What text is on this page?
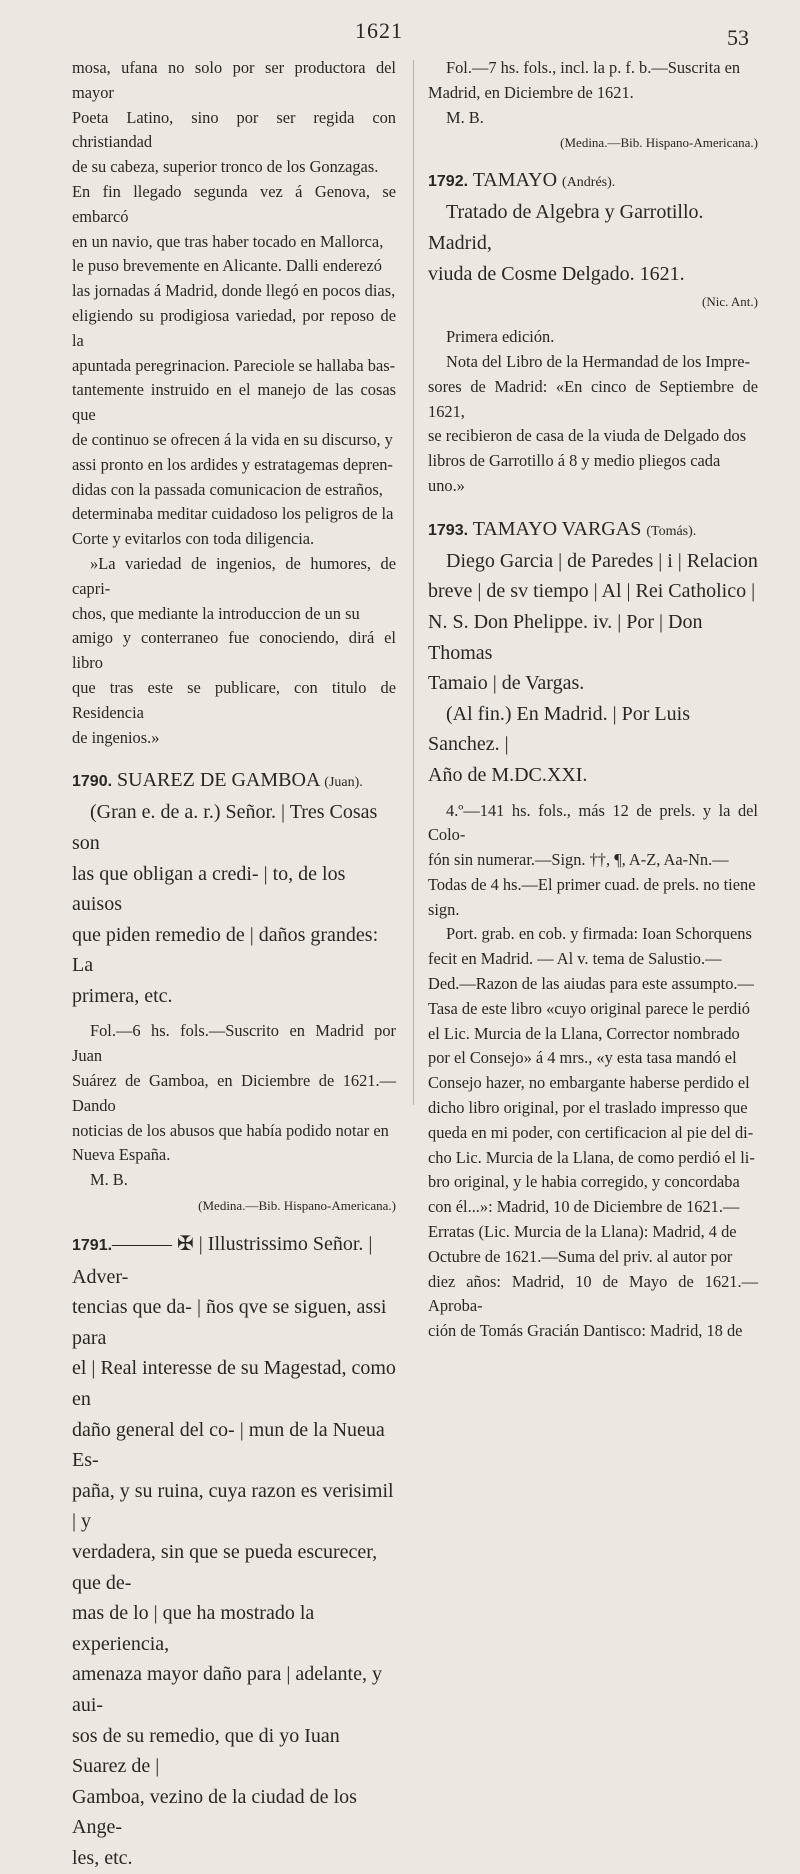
1621	53

mosa, ufana no solo por ser productora del mayor

Poeta Latino, sino por ser regida con christiandad

de su cabeza, superior tronco de los Gonzagas.

En fin llegado segunda vez á Genova, se embarcó

en un navio, que tras haber tocado en Mallorca,

le puso brevemente en Alicante. Dalli enderezó

las jornadas á Madrid, donde llegó en pocos dias,

eligiendo su prodigiosa variedad, por reposo de la

apuntada peregrinacion. Pareciole se hallaba bas-

tantemente instruido en el manejo de las cosas que

de continuo se ofrecen á la vida en su discurso, y

assi pronto en los ardides y estratagemas depren-

didas con la passada comunicacion de estraños,

determinaba meditar cuidadoso los peligros de la

Corte y evitarlos con toda diligencia.

»La variedad de ingenios, de humores, de capri-

chos, que mediante la introduccion de un su

amigo y conterraneo fue conociendo, dirá el libro

que tras este se publicare, con titulo de Residencia

de ingenios.»

1790. SUAREZ DE GAMBOA (Juan).

(Gran e. de a. r.) Señor. | Tres Cosas son

las que obligan a credi- | to, de los auisos

que piden remedio de | daños grandes: La

primera, etc.

Fol.—6 hs. fols.—Suscrito en Madrid por Juan

Suárez de Gamboa, en Diciembre de 1621.—Dando

noticias de los abusos que había podido notar en

Nueva España.

M. B.

(Medina.—Bib. Hispano-Americana.)

1791.——— ✠ | Illustrissimo Señor. | Adver-

tencias que da- | ños qve se siguen, assi para

el | Real interesse de su Magestad, como en

daño general del co- | mun de la Nueua Es-

paña, y su ruina, cuya razon es verisimil | y

verdadera, sin que se pueda escurecer, que de-

mas de lo | que ha mostrado la experiencia,

amenaza mayor daño para | adelante, y aui-

sos de su remedio, que di yo Iuan Suarez de |

Gamboa, vezino de la ciudad de los Ange-

les, etc.

Fol.—7 hs. fols., incl. la p. f. b.—Suscrita en

Madrid, en Diciembre de 1621.

M. B.

(Medina.—Bib. Hispano-Americana.)

1792. TAMAYO (Andrés).

Tratado de Algebra y Garrotillo. Madrid,

viuda de Cosme Delgado. 1621.

(Nic. Ant.)

Primera edición.

Nota del Libro de la Hermandad de los Impre-

sores de Madrid: «En cinco de Septiembre de 1621,

se recibieron de casa de la viuda de Delgado dos

libros de Garrotillo á 8 y medio pliegos cada

uno.»

1793. TAMAYO VARGAS (Tomás).

Diego Garcia | de Paredes | i | Relacion

breve | de sv tiempo | Al | Rei Catholico |

N. S. Don Phelippe. iv. | Por | Don Thomas

Tamaio | de Vargas.

(Al fin.) En Madrid. | Por Luis Sanchez. |

Año de M.DC.XXI.

4.º—141 hs. fols., más 12 de prels. y la del Colo-

fón sin numerar.—Sign. ††, ¶, A-Z, Aa-Nn.—

Todas de 4 hs.—El primer cuad. de prels. no tiene

sign.

Port. grab. en cob. y firmada: Ioan Schorquens

fecit en Madrid. — Al v. tema de Salustio.—

Ded.—Razon de las aiudas para este assumpto.—

Tasa de este libro «cuyo original parece le perdió

el Lic. Murcia de la Llana, Corrector nombrado

por el Consejo» á 4 mrs., «y esta tasa mandó el

Consejo hazer, no embargante haberse perdido el

dicho libro original, por el traslado impresso que

queda en mi poder, con certificacion al pie del di-

cho Lic. Murcia de la Llana, de como perdió el li-

bro original, y le habia corregido, y concordaba

con él...»: Madrid, 10 de Diciembre de 1621.—

Erratas (Lic. Murcia de la Llana): Madrid, 4 de

Octubre de 1621.—Suma del priv. al autor por

diez años: Madrid, 10 de Mayo de 1621.—Aproba-

ción de Tomás Gracián Dantisco: Madrid, 18 de
